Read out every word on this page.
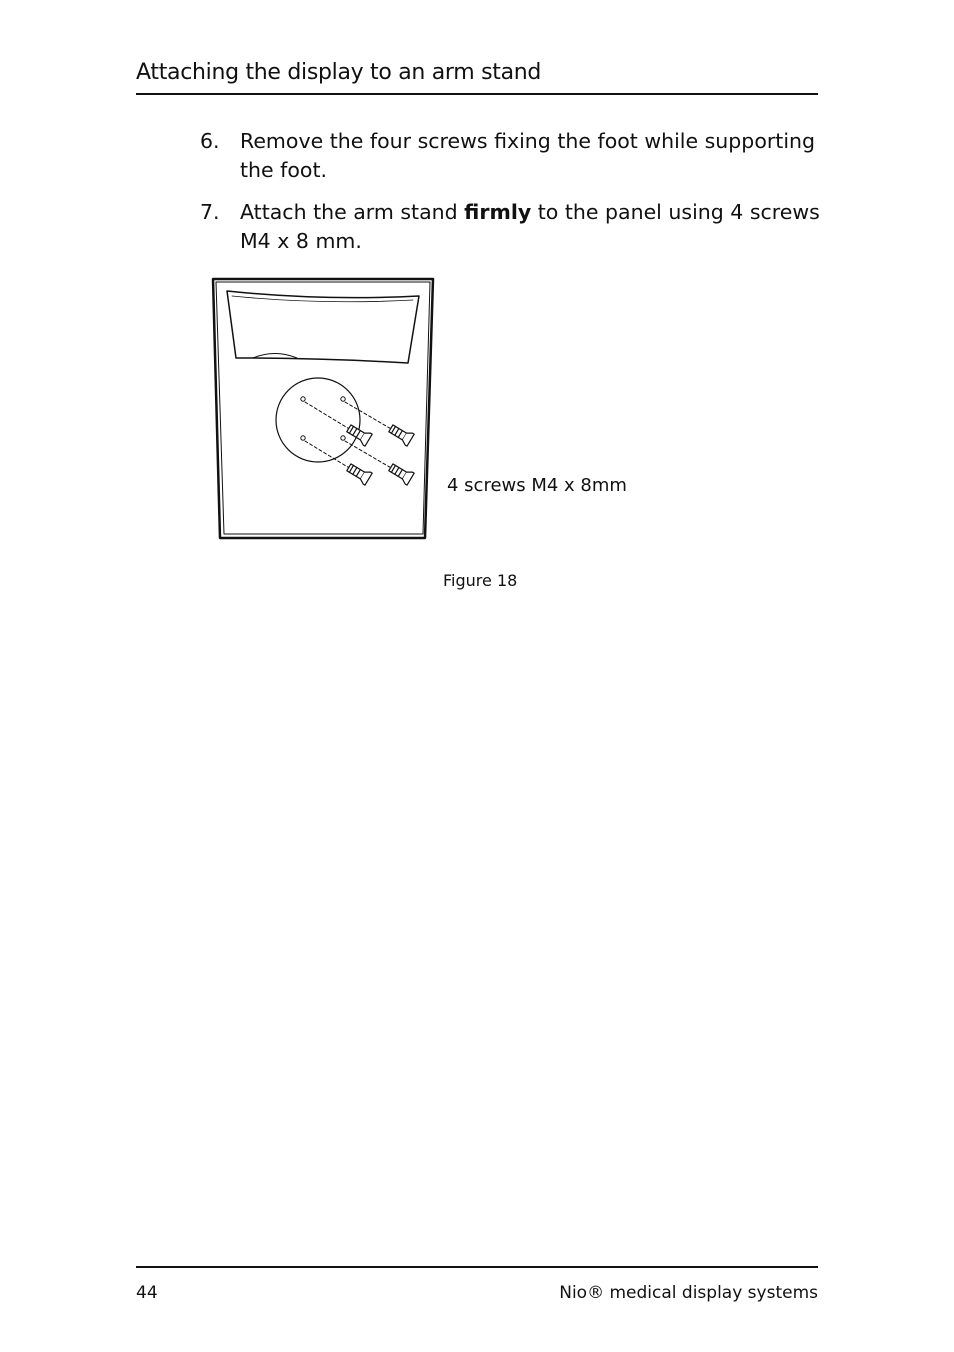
Attaching the display to an arm stand
6. Remove the four screws fixing the foot while supporting the foot.
7. Attach the arm stand firmly to the panel using 4 screws M4 x 8 mm.
4 screws M4 x 8mm
Figure 18
44	Nio® medical display systems
